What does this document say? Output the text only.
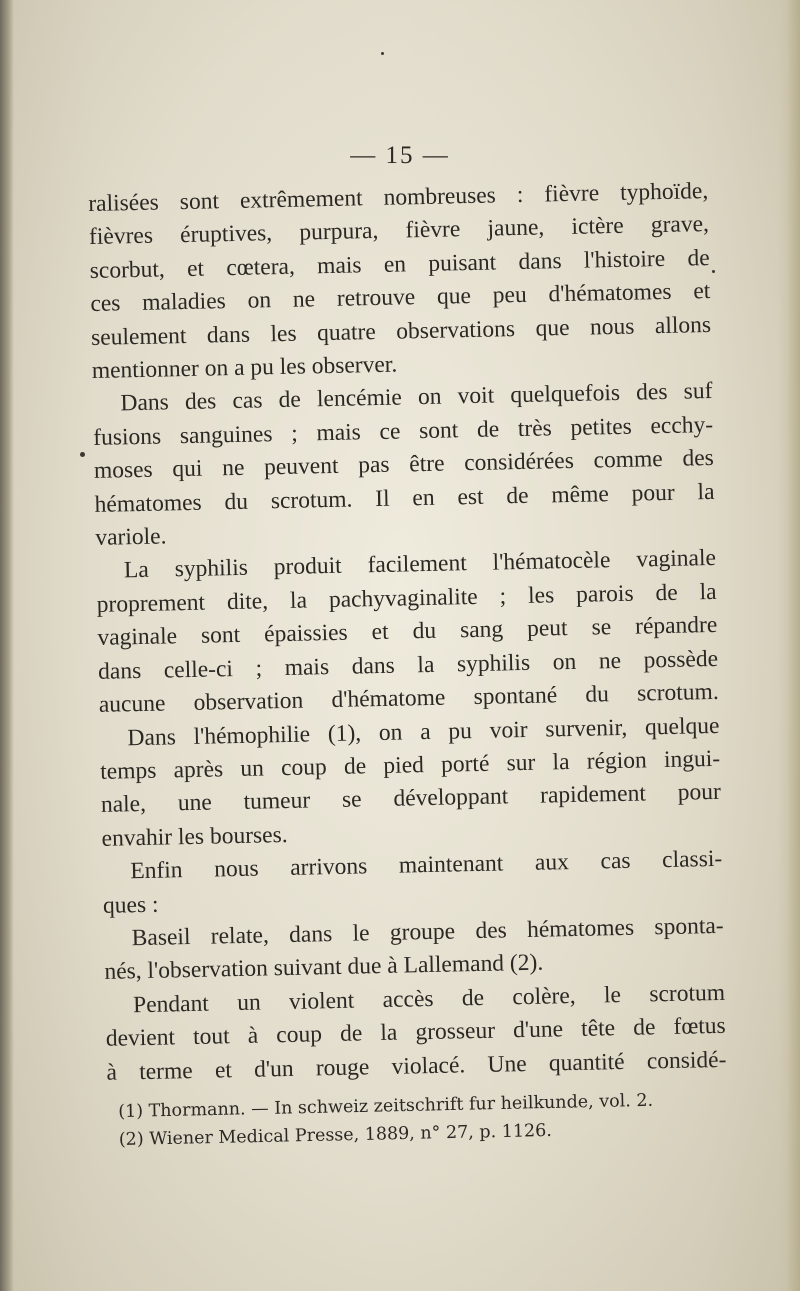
— 15 —
ralisées sont extrêmement nombreuses : fièvre typhoïde,
fièvres éruptives, purpura, fièvre jaune, ictère grave,
scorbut, et cœtera, mais en puisant dans l'histoire de
ces maladies on ne retrouve que peu d'hématomes et
seulement dans les quatre observations que nous allons
mentionner on a pu les observer.
Dans des cas de lencémie on voit quelquefois des suf
fusions sanguines ; mais ce sont de très petites ecchy-
moses qui ne peuvent pas être considérées comme des
hématomes du scrotum. Il en est de même pour la
variole.
La syphilis produit facilement l'hématocèle vaginale
proprement dite, la pachyvaginalite ; les parois de la
vaginale sont épaissies et du sang peut se répandre
dans celle-ci ; mais dans la syphilis on ne possède
aucune observation d'hématome spontané du scrotum.
Dans l'hémophilie (1), on a pu voir survenir, quelque
temps après un coup de pied porté sur la région ingui-
nale, une tumeur se développant rapidement pour
envahir les bourses.
Enfin nous arrivons maintenant aux cas classi-
ques :
Baseil relate, dans le groupe des hématomes sponta-
nés, l'observation suivant due à Lallemand (2).
Pendant un violent accès de colère, le scrotum
devient tout à coup de la grosseur d'une tête de fœtus
à terme et d'un rouge violacé. Une quantité considé-
(1) Thormann. — In schweiz zeitschrift fur heilkunde, vol. 2.
(2) Wiener Medical Presse, 1889, n° 27, p. 1126.
